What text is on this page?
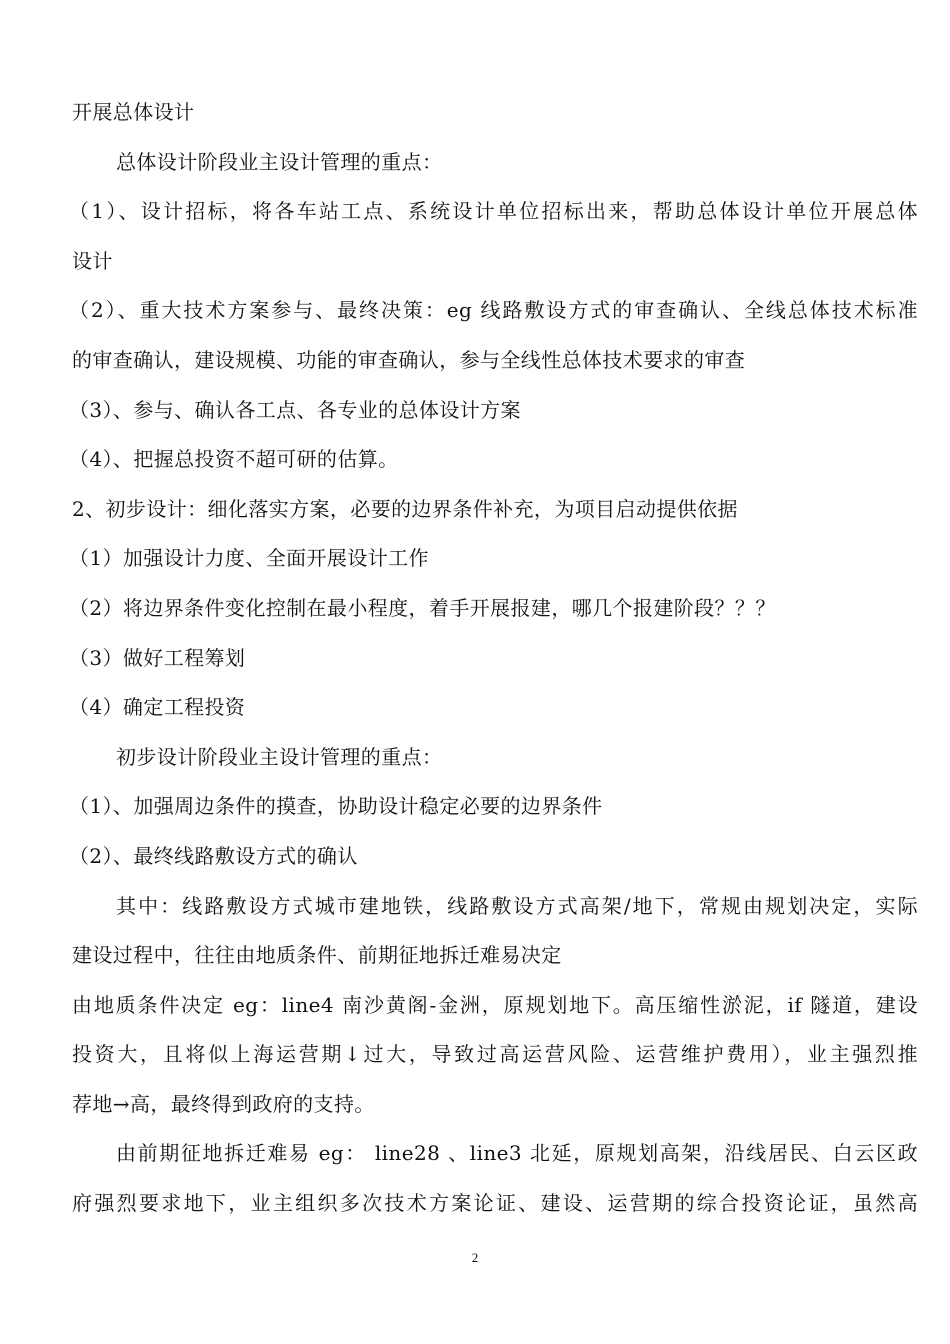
开展总体设计
总体设计阶段业主设计管理的重点：
（1）、设计招标，将各车站工点、系统设计单位招标出来，帮助总体设计单位开展总体
设计
（2）、重大技术方案参与、最终决策：eg 线路敷设方式的审查确认、全线总体技术标准
的审查确认，建设规模、功能的审查确认，参与全线性总体技术要求的审查
（3）、参与、确认各工点、各专业的总体设计方案
（4）、把握总投资不超可研的估算。
2、初步设计：细化落实方案，必要的边界条件补充，为项目启动提供依据
（1）加强设计力度、全面开展设计工作
（2）将边界条件变化控制在最小程度，着手开展报建，哪几个报建阶段？？？
（3）做好工程筹划
（4）确定工程投资
初步设计阶段业主设计管理的重点：
（1）、加强周边条件的摸查，协助设计稳定必要的边界条件
（2）、最终线路敷设方式的确认
其中：线路敷设方式城市建地铁，线路敷设方式高架/地下，常规由规划决定，实际
建设过程中，往往由地质条件、前期征地拆迁难易决定
由地质条件决定 eg：line4 南沙黄阁-金洲，原规划地下。高压缩性淤泥，if 隧道，建设
投资大，且将似上海运营期↓过大，导致过高运营风险、运营维护费用），业主强烈推
荐地→高，最终得到政府的支持。
由前期征地拆迁难易 eg： line28 、line3 北延，原规划高架，沿线居民、白云区政
府强烈要求地下，业主组织多次技术方案论证、建设、运营期的综合投资论证，虽然高
2
